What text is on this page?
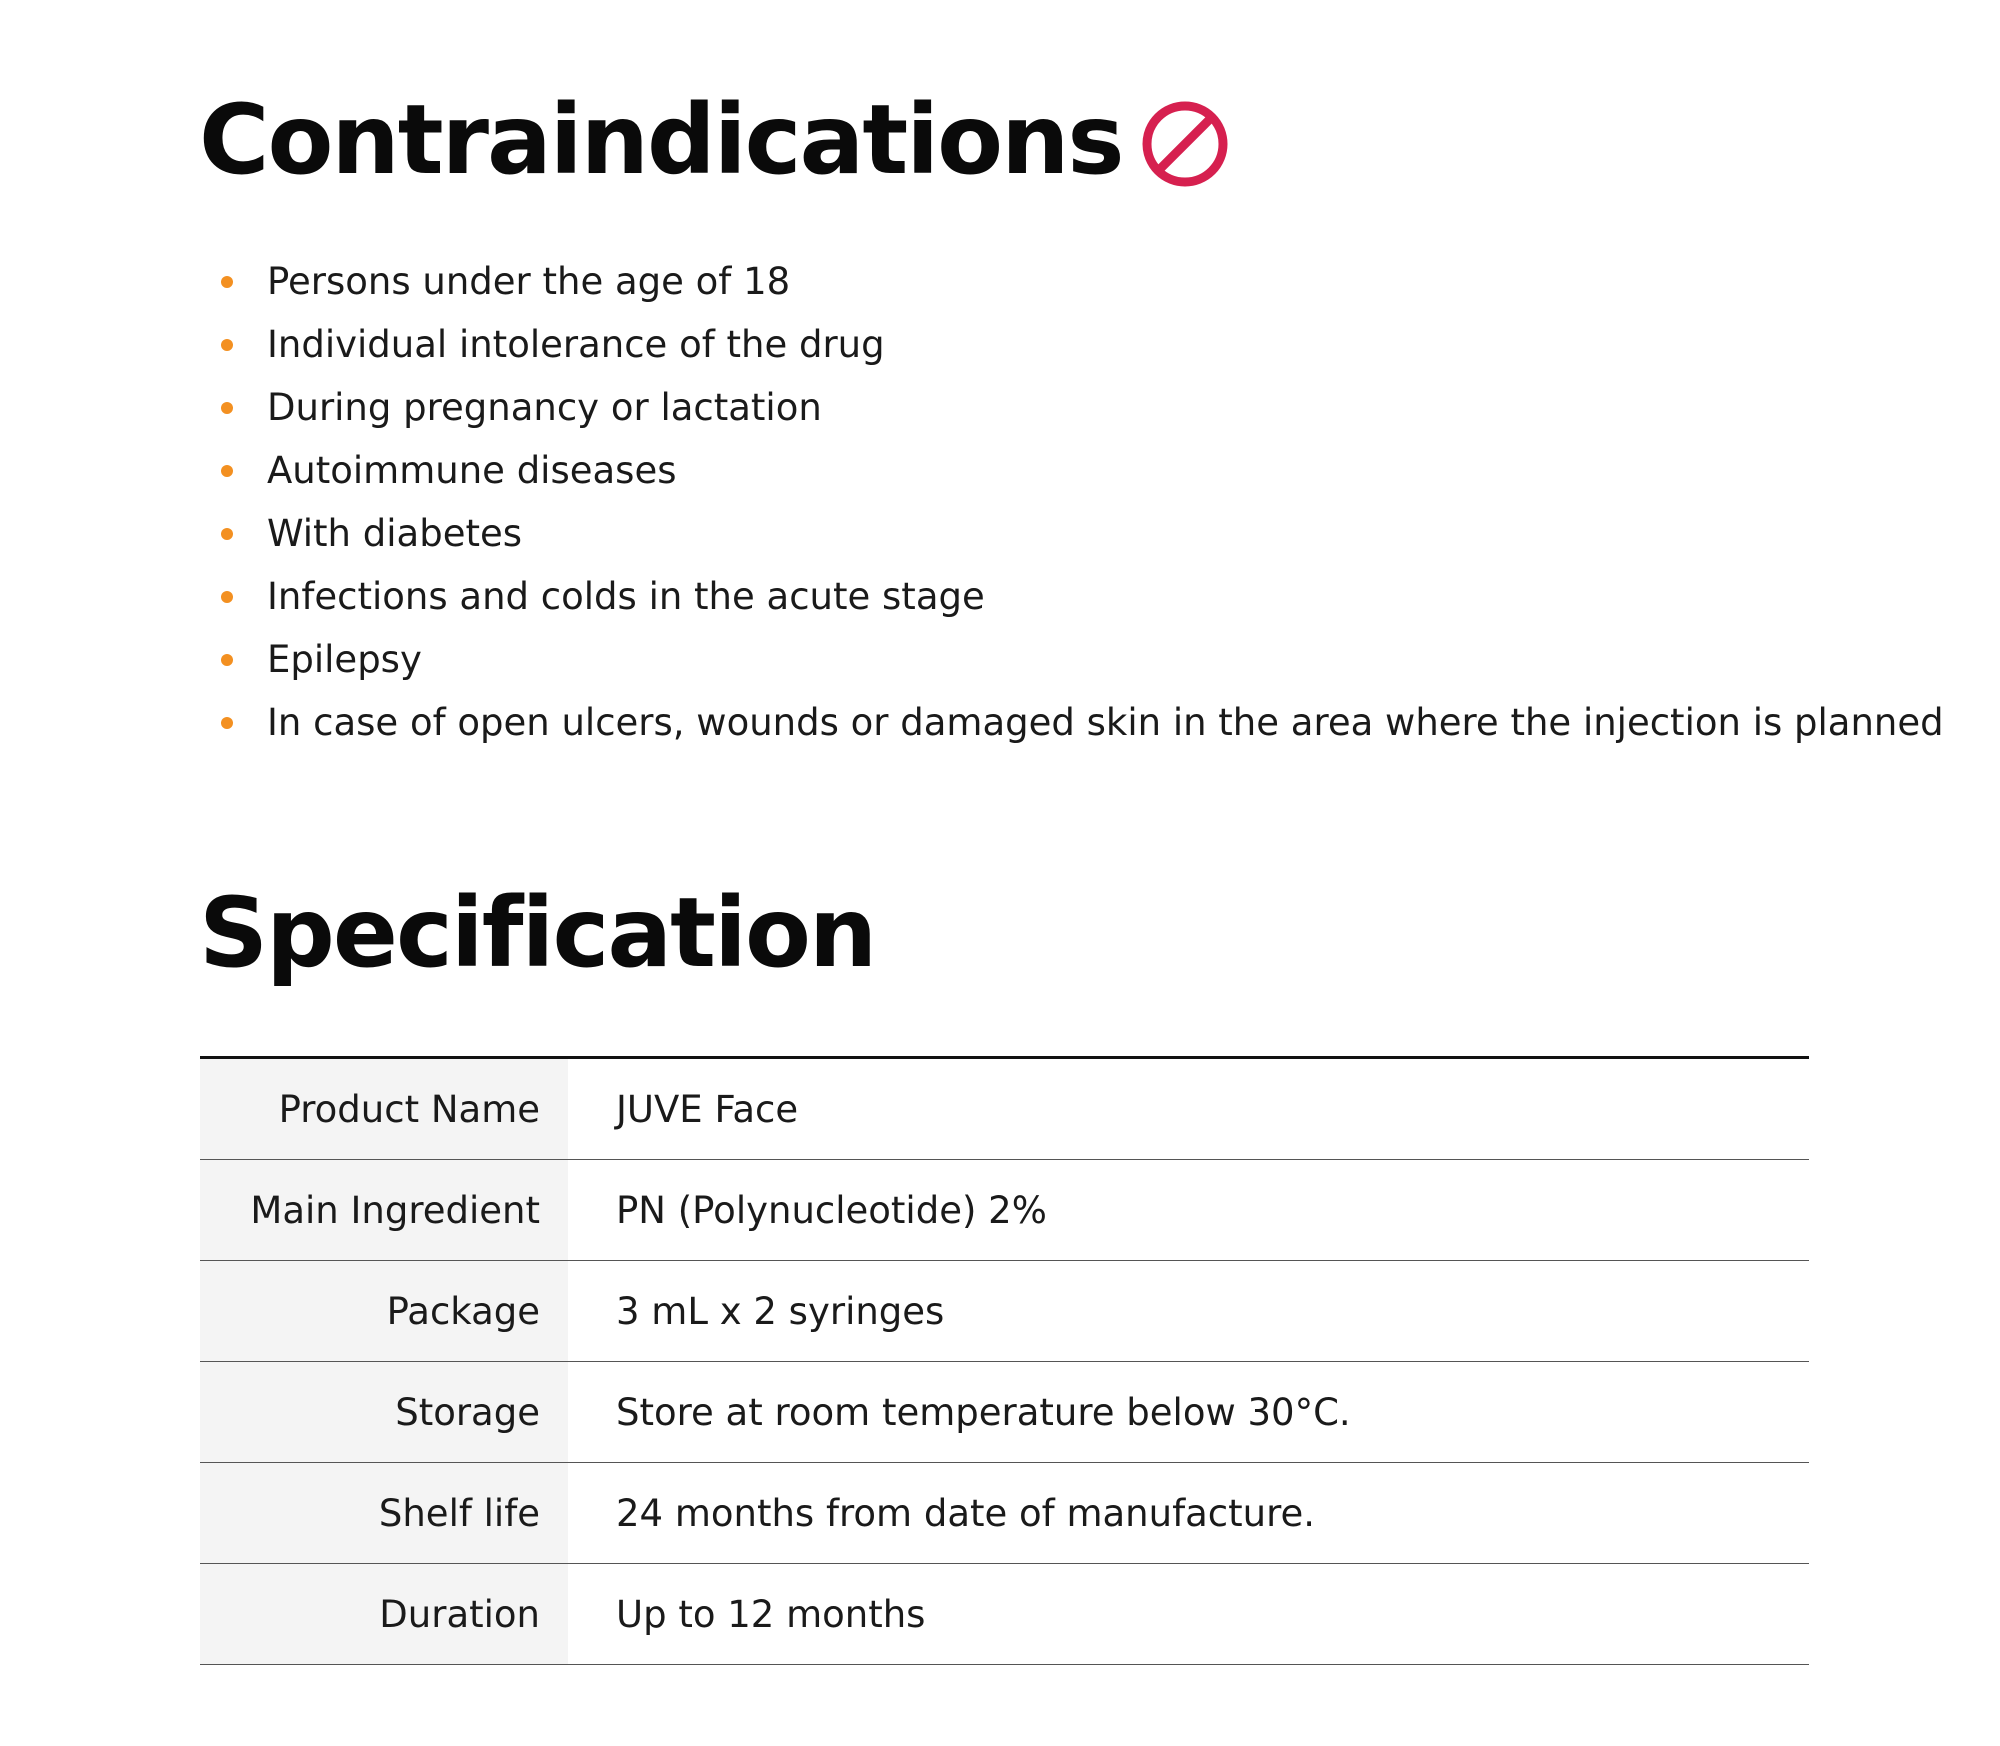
Contraindications
Persons under the age of 18
Individual intolerance of the drug
During pregnancy or lactation
Autoimmune diseases
With diabetes
Infections and colds in the acute stage
Epilepsy
In case of open ulcers, wounds or damaged skin in the area where the injection is planned
Specification
Product Name	JUVE Face
Main Ingredient	PN (Polynucleotide) 2%
Package	3 mL x 2 syringes
Storage	Store at room temperature below 30°C.
Shelf life	24 months from date of manufacture.
Duration	Up to 12 months
